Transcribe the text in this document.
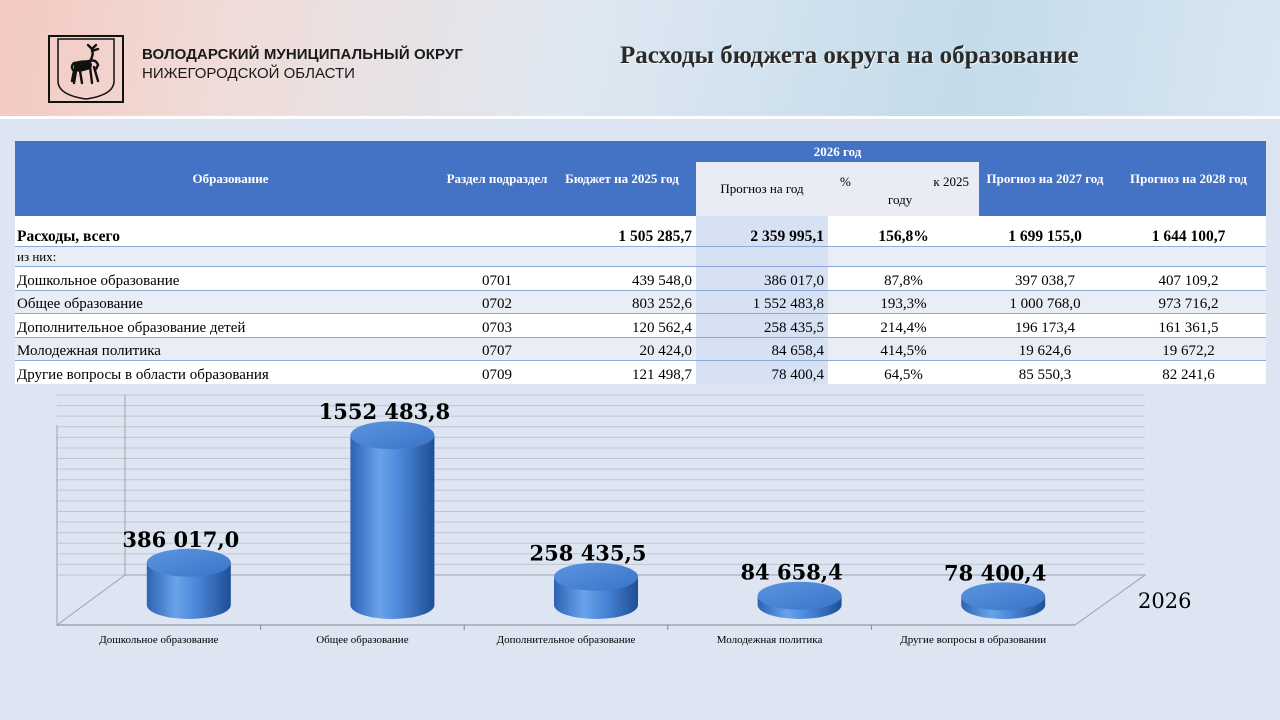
ВОЛОДАРСКИЙ МУНИЦИПАЛЬНЫЙ ОКРУГ
НИЖЕГОРОДСКОЙ ОБЛАСТИ
Расходы бюджета округа на образование
Образование	Раздел подраздел	Бюджет на 2025 год	2026 год		Прогноз на 2027 год	Прогноз на 2028 год
			Прогноз на год	% к 2025
году		

Расходы, всего		1 505 285,7	2 359 995,1	156,8%	1 699 155,0	1 644 100,7
из них:						
Дошкольное образование	0701	439 548,0	386 017,0	87,8%	397 038,7	407 109,2
Общее образование	0702	803 252,6	1 552 483,8	193,3%	1 000 768,0	973 716,2
Дополнительное образование детей	0703	120 562,4	258 435,5	214,4%	196 173,4	161 361,5
Молодежная политика	0707	20 424,0	84 658,4	414,5%	19 624,6	19 672,2
Другие вопросы в области образования	0709	121 498,7	78 400,4	64,5%	85 550,3	82 241,6
386 017,0
Дошкольное образование
1552 483,8
Общее образование
258 435,5
Дополнительное образование
84 658,4
Молодежная политика
78 400,4
Другие вопросы в образовании
2026
